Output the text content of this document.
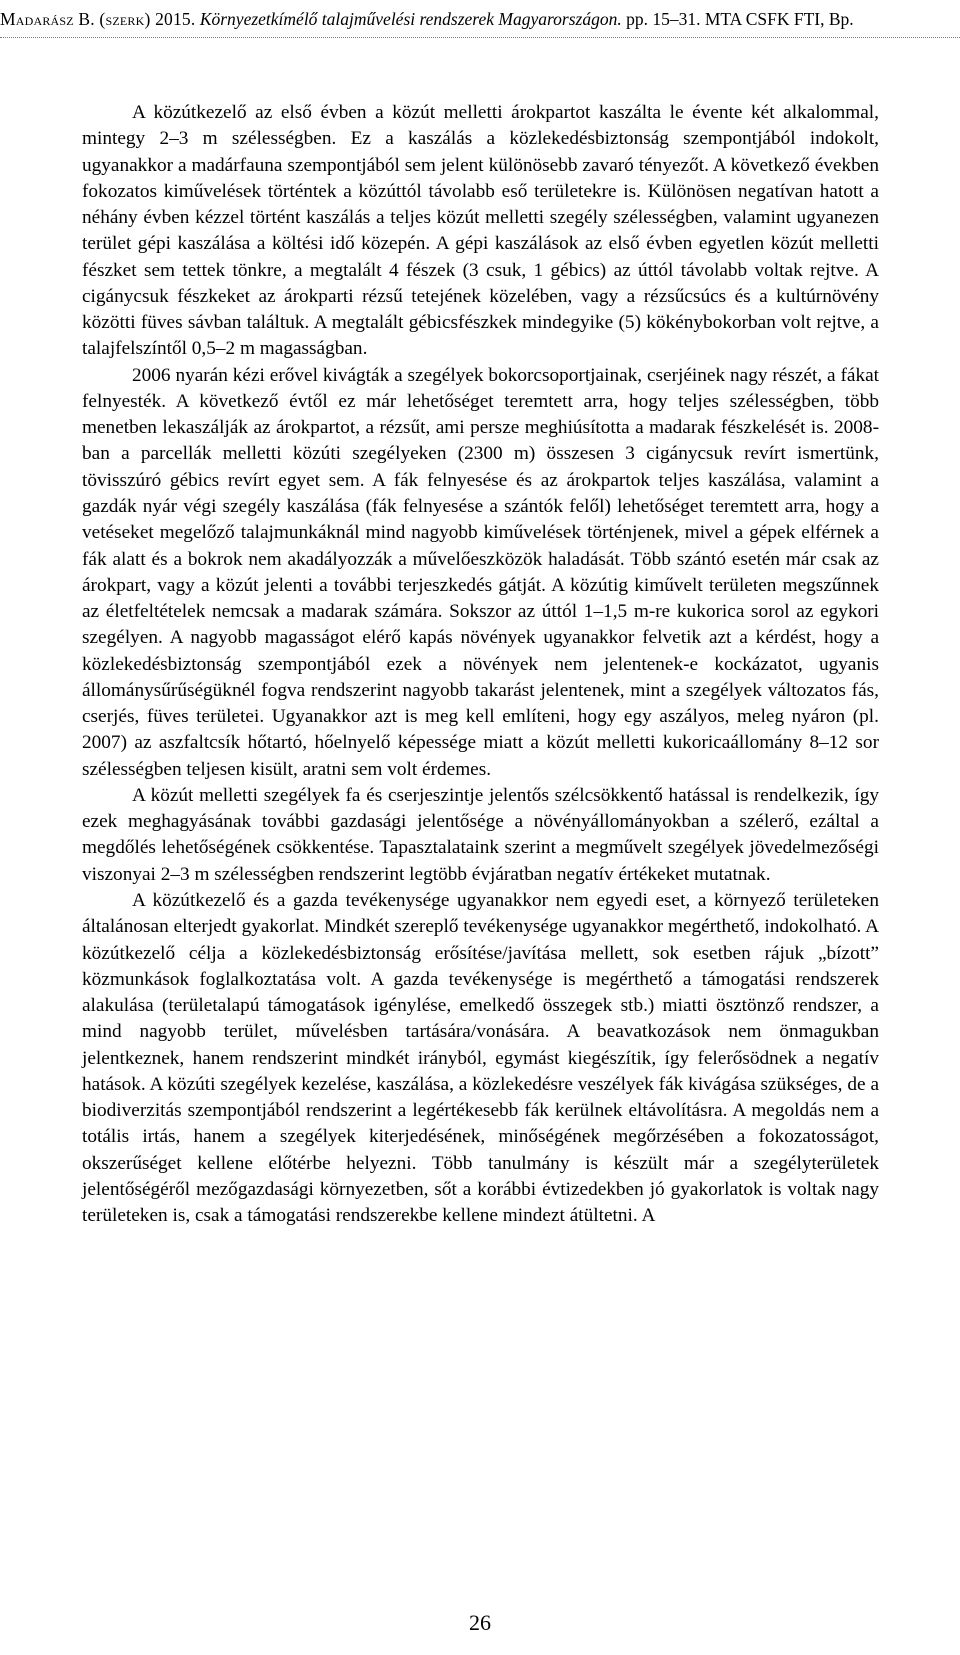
Madarász B. (szerk) 2015. Környezetkímélő talajművelési rendszerek Magyarországon. pp. 15–31. MTA CSFK FTI, Bp.

A közútkezelő az első évben a közút melletti árokpartot kaszálta le évente két alkalommal, mintegy 2–3 m szélességben. Ez a kaszálás a közlekedésbiztonság szempontjából indokolt, ugyanakkor a madárfauna szempontjából sem jelent különösebb zavaró tényezőt. A következő években fokozatos kiművelések történtek a közúttól távolabb eső területekre is. Különösen negatívan hatott a néhány évben kézzel történt kaszálás a teljes közút melletti szegély szélességben, valamint ugyanezen terület gépi kaszálása a költési idő közepén. A gépi kaszálások az első évben egyetlen közút melletti fészket sem tettek tönkre, a megtalált 4 fészek (3 csuk, 1 gébics) az úttól távolabb voltak rejtve. A cigánycsuk fészkeket az árokparti rézsű tetejének közelében, vagy a rézsűcsúcs és a kultúrnövény közötti füves sávban találtuk. A megtalált gébicsfészkek mindegyike (5) kökénybokorban volt rejtve, a talajfelszíntől 0,5–2 m magasságban.

2006 nyarán kézi erővel kivágták a szegélyek bokorcsoportjainak, cserjéinek nagy részét, a fákat felnyesték. A következő évtől ez már lehetőséget teremtett arra, hogy teljes szélességben, több menetben lekaszálják az árokpartot, a rézsűt, ami persze meghiúsította a madarak fészkelését is. 2008-ban a parcellák melletti közúti szegélyeken (2300 m) összesen 3 cigánycsuk revírt ismertünk, tövisszúró gébics revírt egyet sem. A fák felnyesése és az árokpartok teljes kaszálása, valamint a gazdák nyár végi szegély kaszálása (fák felnyesése a szántók felől) lehetőséget teremtett arra, hogy a vetéseket megelőző talajmunkáknál mind nagyobb kiművelések történjenek, mivel a gépek elférnek a fák alatt és a bokrok nem akadályozzák a művelőeszközök haladását. Több szántó esetén már csak az árokpart, vagy a közút jelenti a további terjeszkedés gátját. A közútig kiművelt területen megszűnnek az életfeltételek nemcsak a madarak számára. Sokszor az úttól 1–1,5 m-re kukorica sorol az egykori szegélyen. A nagyobb magasságot elérő kapás növények ugyanakkor felvetik azt a kérdést, hogy a közlekedésbiztonság szempontjából ezek a növények nem jelentenek-e kockázatot, ugyanis állománysűrűségüknél fogva rendszerint nagyobb takarást jelentenek, mint a szegélyek változatos fás, cserjés, füves területei. Ugyanakkor azt is meg kell említeni, hogy egy aszályos, meleg nyáron (pl. 2007) az aszfaltcsík hőtartó, hőelnyelő képessége miatt a közút melletti kukoricaállomány 8–12 sor szélességben teljesen kisült, aratni sem volt érdemes.

A közút melletti szegélyek fa és cserjeszintje jelentős szélcsökkentő hatással is rendelkezik, így ezek meghagyásának további gazdasági jelentősége a növényállományokban a szélerő, ezáltal a megdőlés lehetőségének csökkentése. Tapasztalataink szerint a megművelt szegélyek jövedelmezőségi viszonyai 2–3 m szélességben rendszerint legtöbb évjáratban negatív értékeket mutatnak.

A közútkezelő és a gazda tevékenysége ugyanakkor nem egyedi eset, a környező területeken általánosan elterjedt gyakorlat. Mindkét szereplő tevékenysége ugyanakkor megérthető, indokolható. A közútkezelő célja a közlekedésbiztonság erősítése/javítása mellett, sok esetben rájuk „bízott” közmunkások foglalkoztatása volt. A gazda tevékenysége is megérthető a támogatási rendszerek alakulása (területalapú támogatások igénylése, emelkedő összegek stb.) miatti ösztönző rendszer, a mind nagyobb terület, művelésben tartására/vonására. A beavatkozások nem önmagukban jelentkeznek, hanem rendszerint mindkét irányból, egymást kiegészítik, így felerősödnek a negatív hatások. A közúti szegélyek kezelése, kaszálása, a közlekedésre veszélyek fák kivágása szükséges, de a biodiverzitás szempontjából rendszerint a legértékesebb fák kerülnek eltávolításra. A megoldás nem a totális irtás, hanem a szegélyek kiterjedésének, minőségének megőrzésében a fokozatosságot, okszerűséget kellene előtérbe helyezni. Több tanulmány is készült már a szegélyterületek jelentőségéről mezőgazdasági környezetben, sőt a korábbi évtizedekben jó gyakorlatok is voltak nagy területeken is, csak a támogatási rendszerekbe kellene mindezt átültetni. A

26
